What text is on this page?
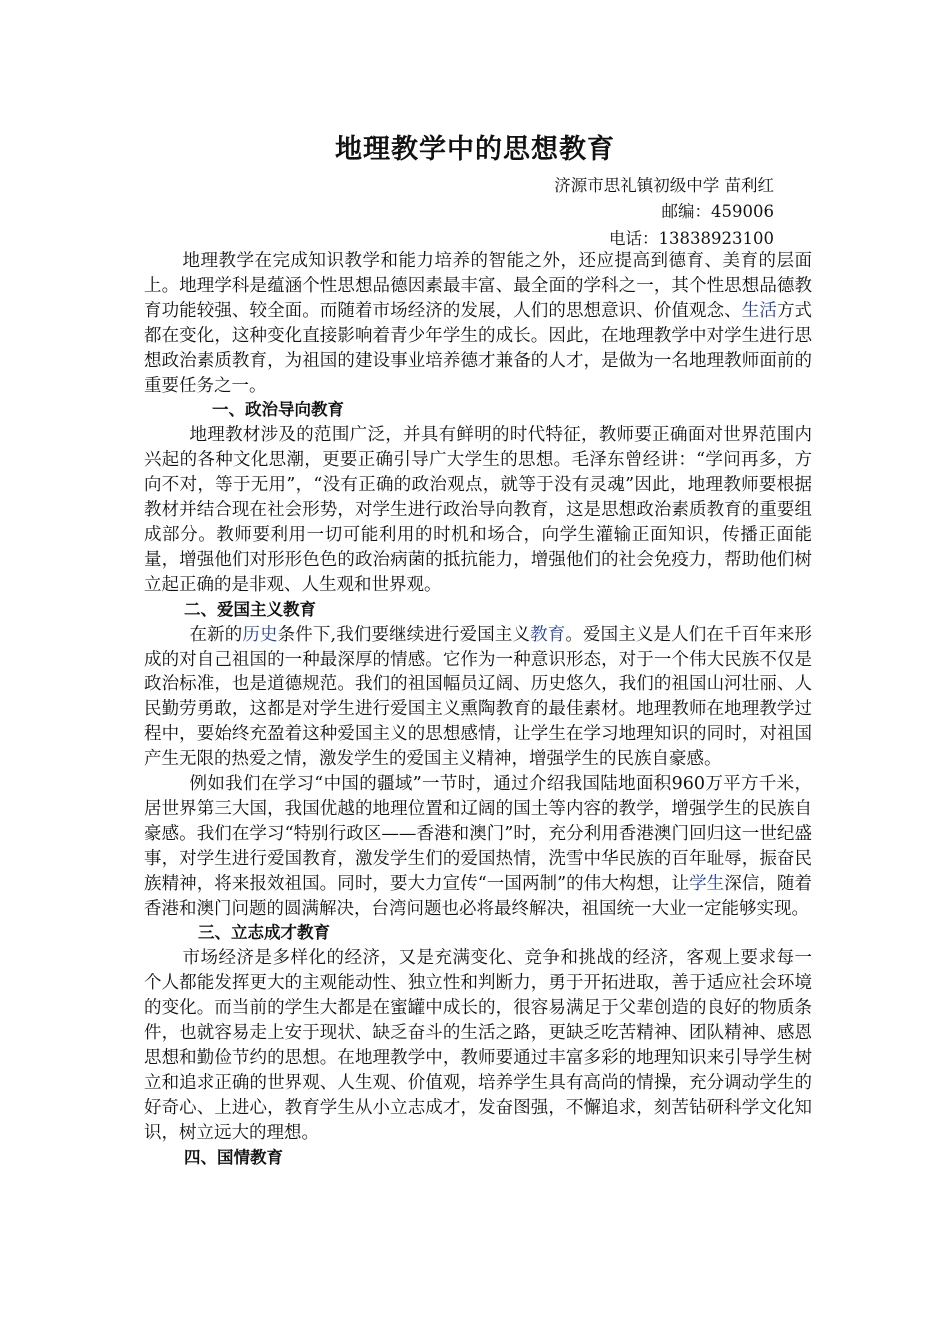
地理教学中的思想教育
济源市思礼镇初级中学 苗利红
邮编：459006
电话：13838923100

地理教学在完成知识教学和能力培养的智能之外，还应提高到德育、美育的层面上。地理学科是蕴涵个性思想品德因素最丰富、最全面的学科之一，其个性思想品德教育功能较强、较全面。而随着市场经济的发展，人们的思想意识、价值观念、生活方式都在变化，这种变化直接影响着青少年学生的成长。因此，在地理教学中对学生进行思想政治素质教育，为祖国的建设事业培养德才兼备的人才，是做为一名地理教师面前的重要任务之一。

一、政治导向教育

地理教材涉及的范围广泛，并具有鲜明的时代特征，教师要正确面对世界范围内兴起的各种文化思潮，更要正确引导广大学生的思想。毛泽东曾经讲：“学问再多，方向不对，等于无用”，“没有正确的政治观点，就等于没有灵魂”因此，地理教师要根据教材并结合现在社会形势，对学生进行政治导向教育，这是思想政治素质教育的重要组成部分。教师要利用一切可能利用的时机和场合，向学生灌输正面知识，传播正面能量，增强他们对形形色色的政治病菌的抵抗能力，增强他们的社会免疫力，帮助他们树立起正确的是非观、人生观和世界观。

二、爱国主义教育

在新的历史条件下,我们要继续进行爱国主义教育。爱国主义是人们在千百年来形成的对自己祖国的一种最深厚的情感。它作为一种意识形态，对于一个伟大民族不仅是政治标准，也是道德规范。我们的祖国幅员辽阔、历史悠久，我们的祖国山河壮丽、人民勤劳勇敢，这都是对学生进行爱国主义熏陶教育的最佳素材。地理教师在地理教学过程中，要始终充盈着这种爱国主义的思想感情，让学生在学习地理知识的同时，对祖国产生无限的热爱之情，激发学生的爱国主义精神，增强学生的民族自豪感。

例如我们在学习“中国的疆域”一节时，通过介绍我国陆地面积960万平方千米，居世界第三大国，我国优越的地理位置和辽阔的国土等内容的教学，增强学生的民族自豪感。我们在学习“特别行政区——香港和澳门”时，充分利用香港澳门回归这一世纪盛事，对学生进行爱国教育，激发学生们的爱国热情，洗雪中华民族的百年耻辱，振奋民族精神，将来报效祖国。同时，要大力宣传“一国两制”的伟大构想，让学生深信，随着香港和澳门问题的圆满解决，台湾问题也必将最终解决，祖国统一大业一定能够实现。

三、立志成才教育

市场经济是多样化的经济，又是充满变化、竞争和挑战的经济，客观上要求每一个人都能发挥更大的主观能动性、独立性和判断力，勇于开拓进取，善于适应社会环境的变化。而当前的学生大都是在蜜罐中成长的，很容易满足于父辈创造的良好的物质条件，也就容易走上安于现状、缺乏奋斗的生活之路，更缺乏吃苦精神、团队精神、感恩思想和勤俭节约的思想。在地理教学中，教师要通过丰富多彩的地理知识来引导学生树立和追求正确的世界观、人生观、价值观，培养学生具有高尚的情操，充分调动学生的好奇心、上进心，教育学生从小立志成才，发奋图强，不懈追求，刻苦钻研科学文化知识，树立远大的理想。

四、国情教育
